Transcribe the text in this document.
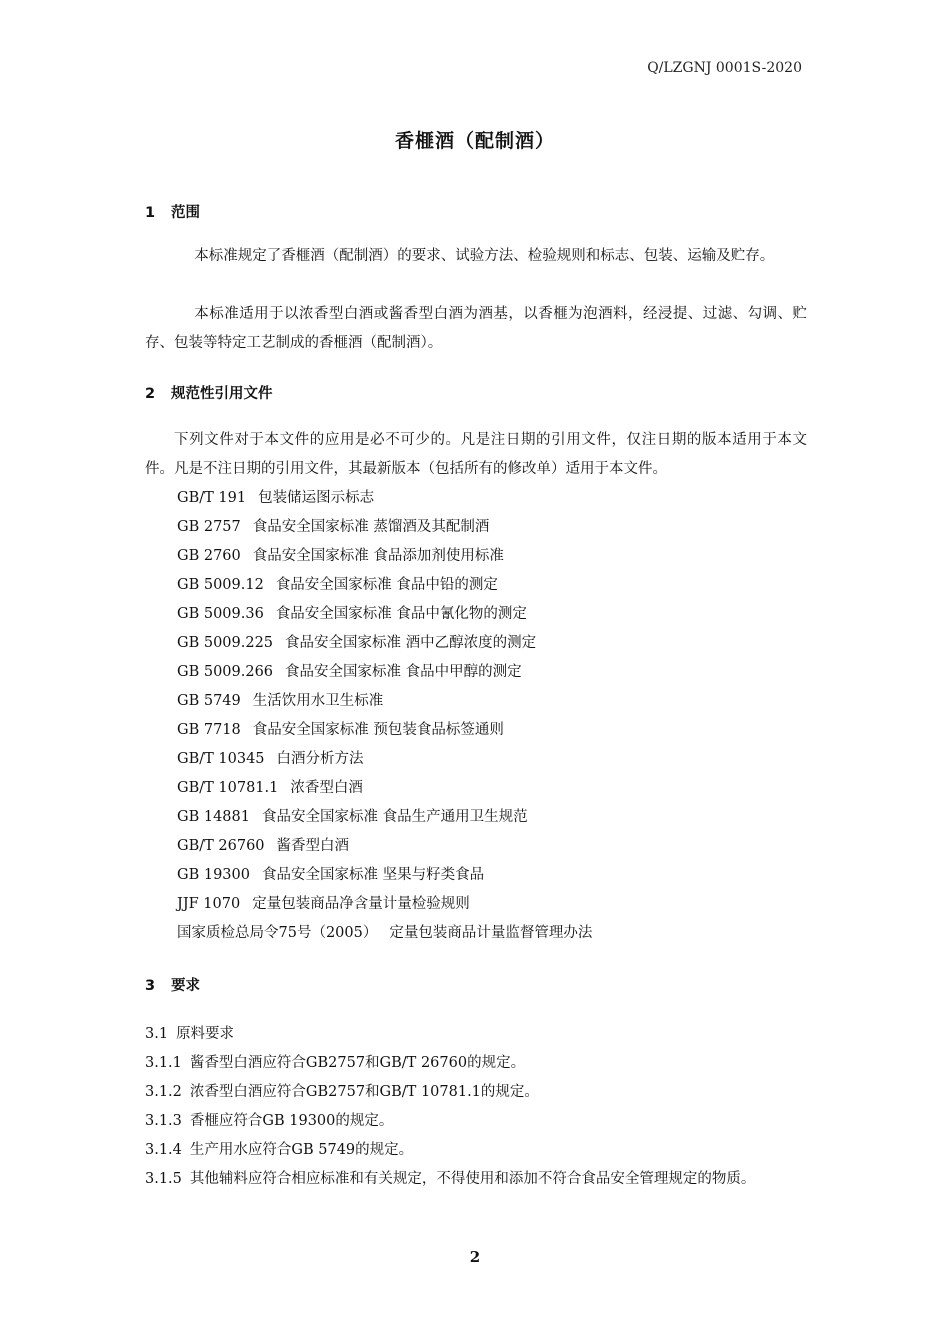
Q/LZGNJ 0001S-2020
香榧酒（配制酒）
1 范围
本标准规定了香榧酒（配制酒）的要求、试验方法、检验规则和标志、包装、运输及贮存。
本标准适用于以浓香型白酒或酱香型白酒为酒基，以香榧为泡酒料，经浸提、过滤、勾调、贮存、包装等特定工艺制成的香榧酒（配制酒）。
2 规范性引用文件
下列文件对于本文件的应用是必不可少的。凡是注日期的引用文件，仅注日期的版本适用于本文件。凡是不注日期的引用文件，其最新版本（包括所有的修改单）适用于本文件。
GB/T 191 包装储运图示标志
GB 2757 食品安全国家标准 蒸馏酒及其配制酒
GB 2760 食品安全国家标准 食品添加剂使用标准
GB 5009.12 食品安全国家标准 食品中铅的测定
GB 5009.36 食品安全国家标准 食品中氰化物的测定
GB 5009.225 食品安全国家标准 酒中乙醇浓度的测定
GB 5009.266 食品安全国家标准 食品中甲醇的测定
GB 5749 生活饮用水卫生标准
GB 7718 食品安全国家标准 预包装食品标签通则
GB/T 10345 白酒分析方法
GB/T 10781.1 浓香型白酒
GB 14881 食品安全国家标准 食品生产通用卫生规范
GB/T 26760 酱香型白酒
GB 19300 食品安全国家标准 坚果与籽类食品
JJF 1070 定量包装商品净含量计量检验规则
国家质检总局令75号（2005） 定量包装商品计量监督管理办法
3 要求
3.1 原料要求
3.1.1 酱香型白酒应符合GB2757和GB/T 26760的规定。
3.1.2 浓香型白酒应符合GB2757和GB/T 10781.1的规定。
3.1.3 香榧应符合GB 19300的规定。
3.1.4 生产用水应符合GB 5749的规定。
3.1.5 其他辅料应符合相应标准和有关规定，不得使用和添加不符合食品安全管理规定的物质。
2
